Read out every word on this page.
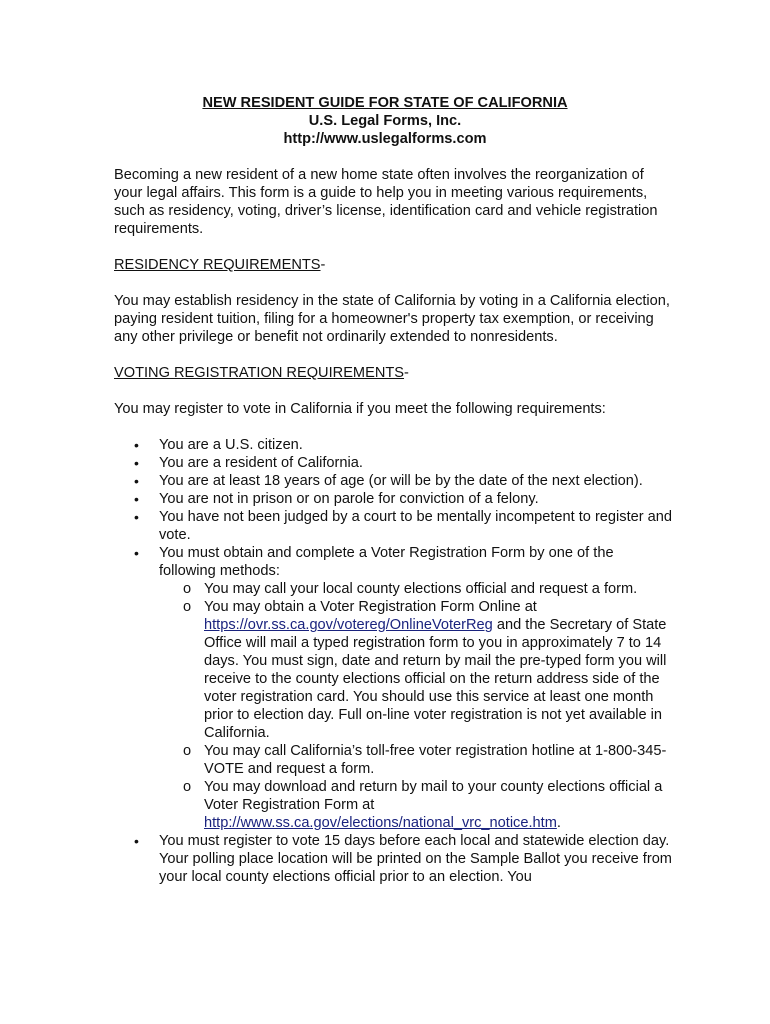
NEW RESIDENT GUIDE FOR STATE OF CALIFORNIA
U.S. Legal Forms, Inc.
http://www.uslegalforms.com

Becoming a new resident of a new home state often involves the reorganization of your legal affairs. This form is a guide to help you in meeting various requirements, such as residency, voting, driver’s license, identification card and vehicle registration requirements.

RESIDENCY REQUIREMENTS-

You may establish residency in the state of California by voting in a California election, paying resident tuition, filing for a homeowner's property tax exemption, or receiving any other privilege or benefit not ordinarily extended to nonresidents.

VOTING REGISTRATION REQUIREMENTS-

You may register to vote in California if you meet the following requirements:

• You are a U.S. citizen.
• You are a resident of California.
• You are at least 18 years of age (or will be by the date of the next election).
• You are not in prison or on parole for conviction of a felony.
• You have not been judged by a court to be mentally incompetent to register and vote.
• You must obtain and complete a Voter Registration Form by one of the following methods:
o You may call your local county elections official and request a form.
o You may obtain a Voter Registration Form Online at https://ovr.ss.ca.gov/votereg/OnlineVoterReg and the Secretary of State Office will mail a typed registration form to you in approximately 7 to 14 days. You must sign, date and return by mail the pre-typed form you will receive to the county elections official on the return address side of the voter registration card. You should use this service at least one month prior to election day. Full on-line voter registration is not yet available in California.
o You may call California’s toll-free voter registration hotline at 1-800-345-VOTE and request a form.
o You may download and return by mail to your county elections official a Voter Registration Form at http://www.ss.ca.gov/elections/national_vrc_notice.htm.
• You must register to vote 15 days before each local and statewide election day. Your polling place location will be printed on the Sample Ballot you receive from your local county elections official prior to an election. You
